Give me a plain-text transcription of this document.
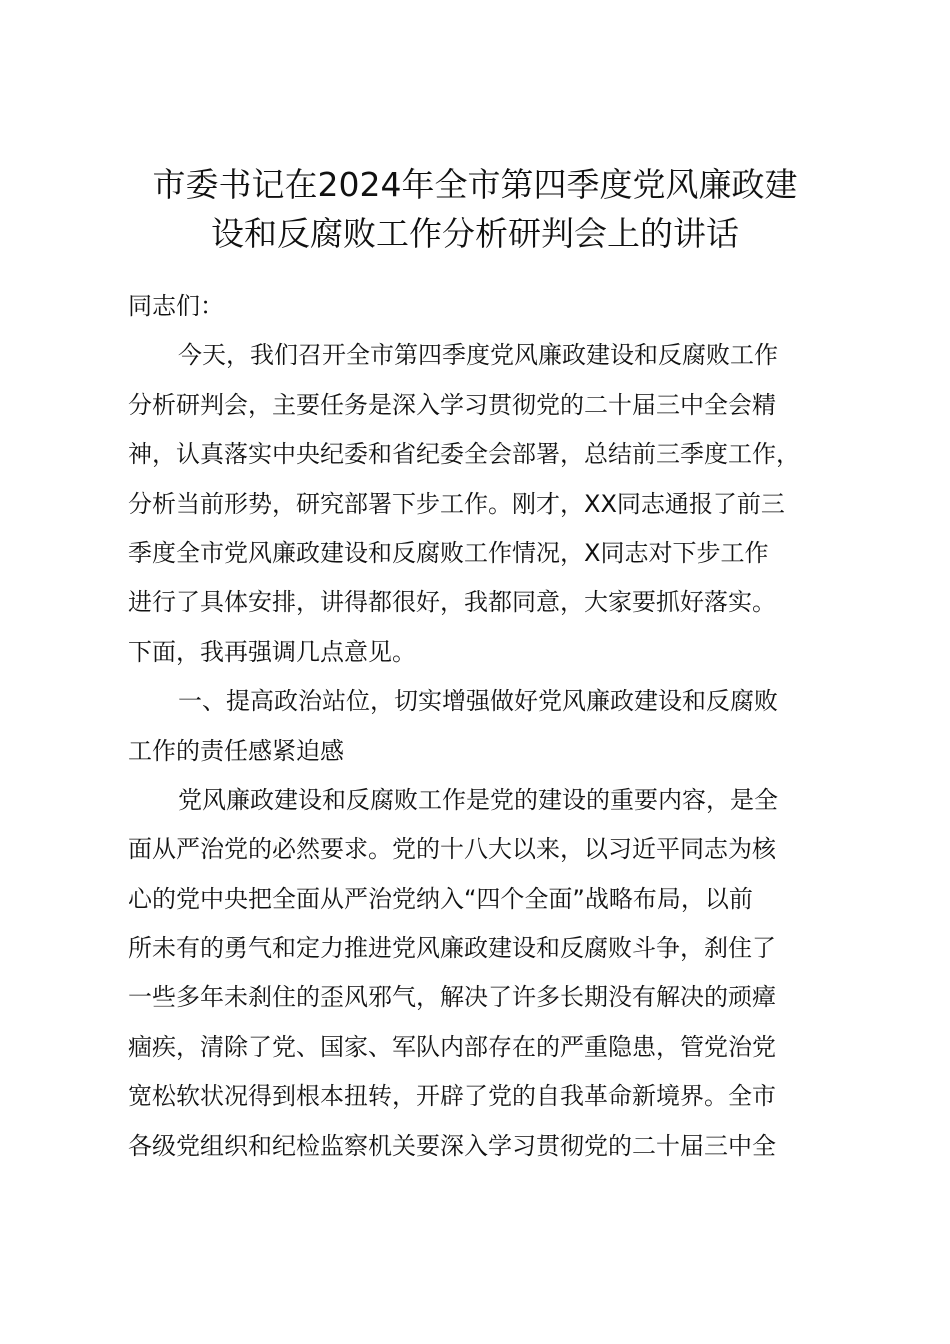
市委书记在2024年全市第四季度党风廉政建
设和反腐败工作分析研判会上的讲话
同志们：
今天，我们召开全市第四季度党风廉政建设和反腐败工作
分析研判会，主要任务是深入学习贯彻党的二十届三中全会精
神，认真落实中央纪委和省纪委全会部署，总结前三季度工作，
分析当前形势，研究部署下步工作。刚才，XX同志通报了前三
季度全市党风廉政建设和反腐败工作情况，X同志对下步工作
进行了具体安排，讲得都很好，我都同意，大家要抓好落实。
下面，我再强调几点意见。
一、提高政治站位，切实增强做好党风廉政建设和反腐败
工作的责任感紧迫感
党风廉政建设和反腐败工作是党的建设的重要内容，是全
面从严治党的必然要求。党的十八大以来，以习近平同志为核
心的党中央把全面从严治党纳入“四个全面”战略布局，以前
所未有的勇气和定力推进党风廉政建设和反腐败斗争，刹住了
一些多年未刹住的歪风邪气，解决了许多长期没有解决的顽瘴
痼疾，清除了党、国家、军队内部存在的严重隐患，管党治党
宽松软状况得到根本扭转，开辟了党的自我革命新境界。全市
各级党组织和纪检监察机关要深入学习贯彻党的二十届三中全
